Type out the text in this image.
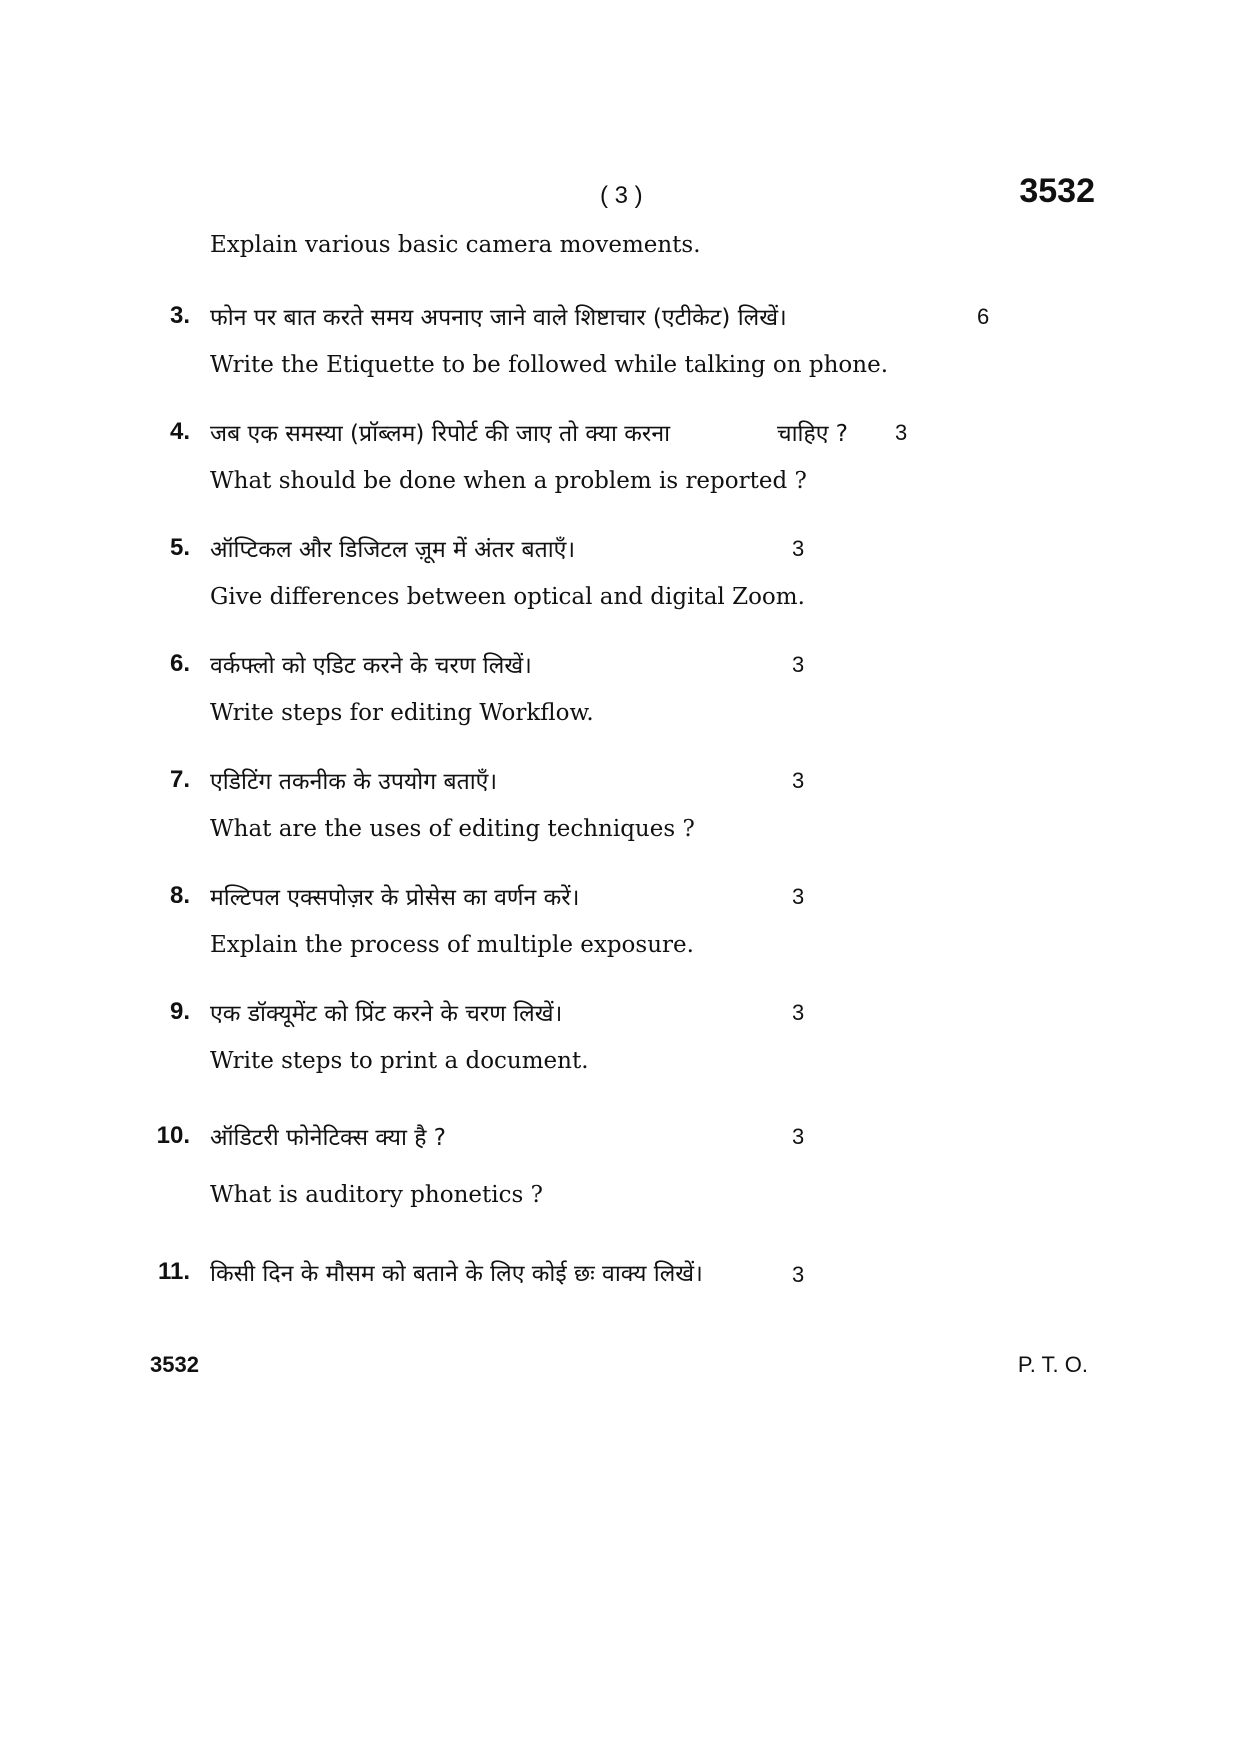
( 3 )	3532
Explain various basic camera movements.
3. फोन पर बात करते समय अपनाए जाने वाले शिष्टाचार (एटीकेट) लिखें।	6
Write the Etiquette to be followed while talking on phone.
4. जब एक समस्या (प्रॉब्लम) रिपोर्ट की जाए तो क्या करना	चाहिए ? 3
What should be done when a problem is reported ?
5. ऑप्टिकल और डिजिटल ज़ूम में अंतर बताएँ।	3
Give differences between optical and digital Zoom.
6. वर्कफ्लो को एडिट करने के चरण लिखें।	3
Write steps for editing Workflow.
7. एडिटिंग तकनीक के उपयोग बताएँ।	3
What are the uses of editing techniques ?
8. मल्टिपल एक्सपोज़र के प्रोसेस का वर्णन करें।	3
Explain the process of multiple exposure.
9. एक डॉक्यूमेंट को प्रिंट करने के चरण लिखें।	3
Write steps to print a document.
10. ऑडिटरी फोनेटिक्स क्या है ?	3
What is auditory phonetics ?
11. किसी दिन के मौसम को बताने के लिए कोई छः वाक्य लिखें।	3
3532	P. T. O.
